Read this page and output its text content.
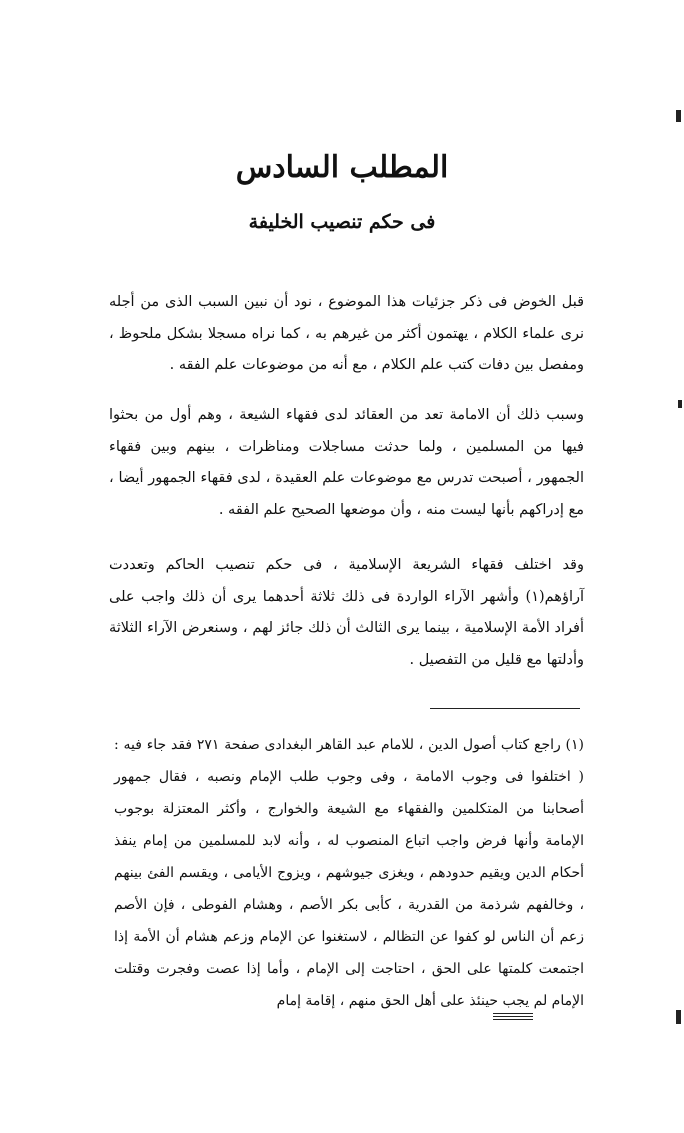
المطلب السادس
فى حكم تنصيب الخليفة

قبل الخوض فى ذكر جزئيات هذا الموضوع ، نود أن نبين السبب الذى من أجله نرى علماء الكلام ، يهتمون أكثر من غيرهم به ، كما نراه مسجلا بشكل ملحوظ ، ومفصل بين دفات كتب علم الكلام ، مع أنه من موضوعات علم الفقه .

وسبب ذلك أن الامامة تعد من العقائد لدى فقهاء الشيعة ، وهم أول من بحثوا فيها من المسلمين ، ولما حدثت مساجلات ومناظرات ، بينهم وبين فقهاء الجمهور ، أصبحت تدرس مع موضوعات علم العقيدة ، لدى فقهاء الجمهور أيضا ، مع إدراكهم بأنها ليست منه ، وأن موضعها الصحيح علم الفقه .

وقد اختلف فقهاء الشريعة الإسلامية ، فى حكم تنصيب الحاكم وتعددت آراؤهم(١) وأشهر الآراء الواردة فى ذلك ثلاثة أحدهما يرى أن ذلك واجب على أفراد الأمة الإسلامية ، بينما يرى الثالث أن ذلك جائز لهم ، وسنعرض الآراء الثلاثة وأدلتها مع قليل من التفصيل .

(١) راجع كتاب أصول الدين ، للامام عبد القاهر البغدادى صفحة ٢٧١ فقد جاء فيه : ( اختلفوا فى وجوب الامامة ، وفى وجوب طلب الإمام ونصبه ، فقال جمهور أصحابنا من المتكلمين والفقهاء مع الشيعة والخوارج ، وأكثر المعتزلة بوجوب الإمامة وأنها فرض واجب اتباع المنصوب له ، وأنه لابد للمسلمين من إمام ينفذ أحكام الدين ويقيم حدودهم ، ويغزى جيوشهم ، ويزوج الأيامى ، ويقسم الفئ بينهم ، وخالفهم شرذمة من القدرية ، كأبى بكر الأصم ، وهشام الفوطى ، فإن الأصم زعم أن الناس لو كفوا عن التظالم ، لاستغنوا عن الإمام وزعم هشام أن الأمة إذا اجتمعت كلمتها على الحق ، احتاجت إلى الإمام ، وأما إذا عصت وفجرت وقتلت الإمام لم يجب حينئذ على أهل الحق منهم ، إقامة إمام
